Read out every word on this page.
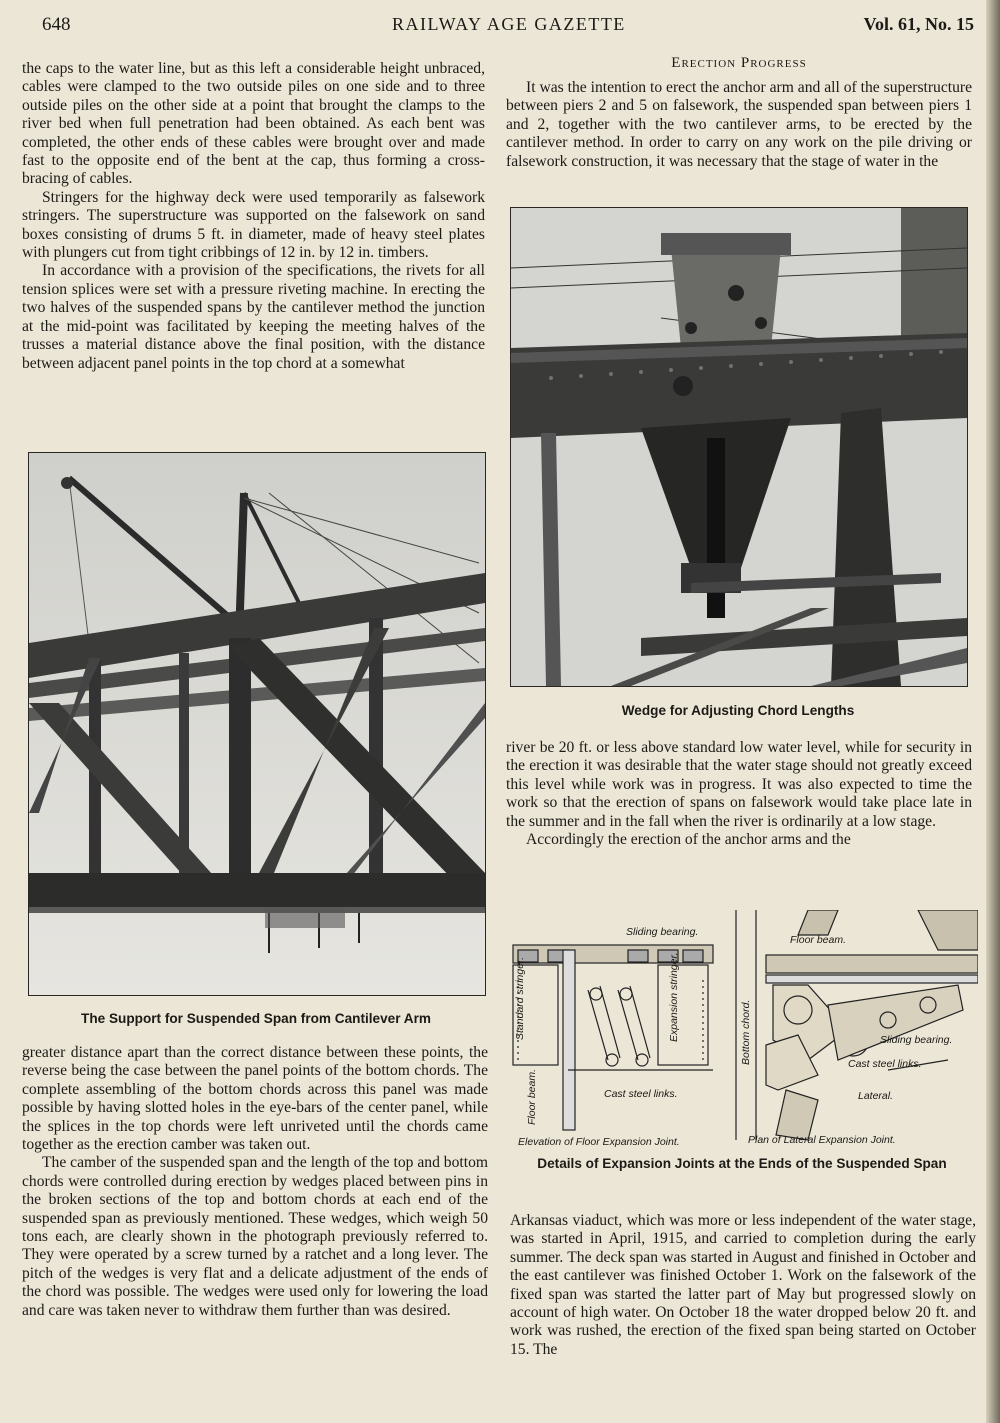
648	RAILWAY AGE GAZETTE	Vol. 61, No. 15

the caps to the water line, but as this left a considerable height unbraced, cables were clamped to the two outside piles on one side and to three outside piles on the other side at a point that brought the clamps to the river bed when full penetration had been obtained. As each bent was completed, the other ends of these cables were brought over and made fast to the opposite end of the bent at the cap, thus forming a cross-bracing of cables.

Stringers for the highway deck were used temporarily as falsework stringers. The superstructure was supported on the falsework on sand boxes consisting of drums 5 ft. in diameter, made of heavy steel plates with plungers cut from tight cribbings of 12 in. by 12 in. timbers.

In accordance with a provision of the specifications, the rivets for all tension splices were set with a pressure riveting machine. In erecting the two halves of the suspended spans by the cantilever method the junction at the mid-point was facilitated by keeping the meeting halves of the trusses a material distance above the final position, with the distance between adjacent panel points in the top chord at a somewhat

The Support for Suspended Span from Cantilever Arm

greater distance apart than the correct distance between these points, the reverse being the case between the panel points of the bottom chords. The complete assembling of the bottom chords across this panel was made possible by having slotted holes in the eye-bars of the center panel, while the splices in the top chords were left unriveted until the chords came together as the erection camber was taken out.

The camber of the suspended span and the length of the top and bottom chords were controlled during erection by wedges placed between pins in the broken sections of the top and bottom chords at each end of the suspended span as previously mentioned. These wedges, which weigh 50 tons each, are clearly shown in the photograph previously referred to. They were operated by a screw turned by a ratchet and a long lever. The pitch of the wedges is very flat and a delicate adjustment of the ends of the chord was possible. The wedges were used only for lowering the load and care was taken never to withdraw them further than was desired.

Erection Progress

It was the intention to erect the anchor arm and all of the superstructure between piers 2 and 5 on falsework, the suspended span between piers 1 and 2, together with the two cantilever arms, to be erected by the cantilever method. In order to carry on any work on the pile driving or falsework construction, it was necessary that the stage of water in the

Wedge for Adjusting Chord Lengths

river be 20 ft. or less above standard low water level, while for security in the erection it was desirable that the water stage should not greatly exceed this level while work was in progress. It was also expected to time the work so that the erection of spans on falsework would take place late in the summer and in the fall when the river is ordinarily at a low stage.

Accordingly the erection of the anchor arms and the

Sliding bearing.
Standard stringer.	Expansion stringer.
Floor beam.	Cast steel links.
Floor beam.
Bottom chord.	Sliding bearing.
Cast steel links.
Lateral.
Elevation of Floor Expansion Joint.	Plan of Lateral Expansion Joint.
Details of Expansion Joints at the Ends of the Suspended Span

Arkansas viaduct, which was more or less independent of the water stage, was started in April, 1915, and carried to completion during the early summer. The deck span was started in August and finished in October and the east cantilever was finished October 1. Work on the falsework of the fixed span was started the latter part of May but progressed slowly on account of high water. On October 18 the water dropped below 20 ft. and work was rushed, the erection of the fixed span being started on October 15. The
